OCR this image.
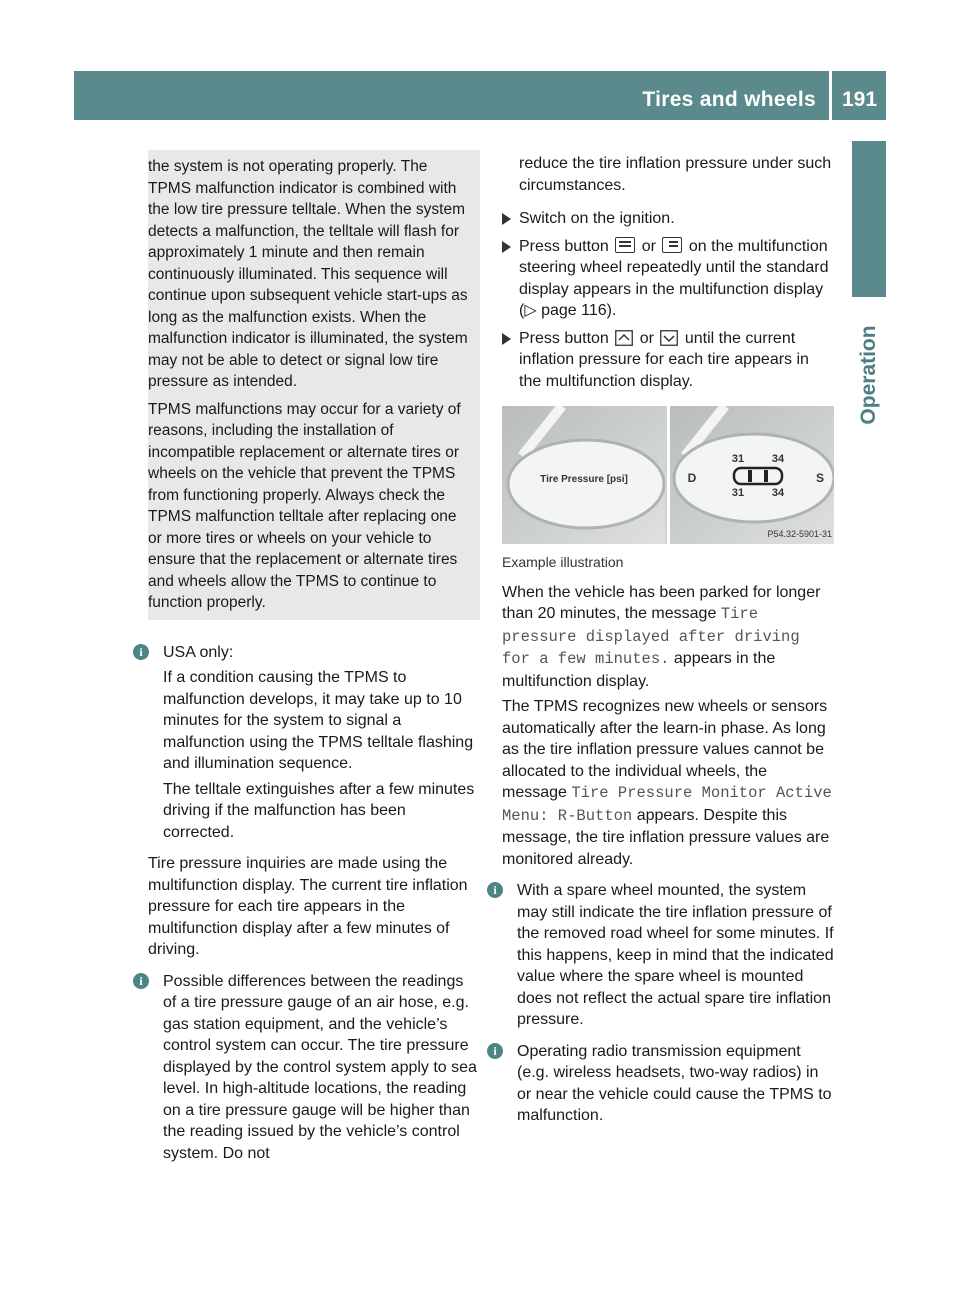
Tires and wheels 191
Operation

the system is not operating properly. The TPMS malfunction indicator is combined with the low tire pressure telltale. When the system detects a malfunction, the telltale will flash for approximately 1 minute and then remain continuously illuminated. This sequence will continue upon subsequent vehicle start-ups as long as the malfunction exists. When the malfunction indicator is illuminated, the system may not be able to detect or signal low tire pressure as intended.

TPMS malfunctions may occur for a variety of reasons, including the installation of incompatible replacement or alternate tires or wheels on the vehicle that prevent the TPMS from functioning properly. Always check the TPMS malfunction telltale after replacing one or more tires or wheels on your vehicle to ensure that the replacement or alternate tires and wheels allow the TPMS to continue to function properly.

i	USA only:

If a condition causing the TPMS to malfunction develops, it may take up to 10 minutes for the system to signal a malfunction using the TPMS telltale flashing and illumination sequence.

The telltale extinguishes after a few minutes driving if the malfunction has been corrected.

Tire pressure inquiries are made using the multifunction display. The current tire inflation pressure for each tire appears in the multifunction display after a few minutes of driving.

i	Possible differences between the readings of a tire pressure gauge of an air hose, e.g. gas station equipment, and the vehicle’s control system can occur. The tire pressure displayed by the control system apply to sea level. In high-altitude locations, the reading on a tire pressure gauge will be higher than the reading issued by the vehicle’s control system. Do not

reduce the tire inflation pressure under such circumstances.

Switch on the ignition.
Press button or on the multifunction steering wheel repeatedly until the standard display appears in the multifunction display (▷ page 116).
Press button or until the current inflation pressure for each tire appears in the multifunction display.
Tire Pressure [psi]
31	34
31	34
D	S
P54.32-5901-31

Example illustration

When the vehicle has been parked for longer than 20 minutes, the message Tire pressure displayed after driving for a few minutes. appears in the multifunction display.

The TPMS recognizes new wheels or sensors automatically after the learn-in phase. As long as the tire inflation pressure values cannot be allocated to the individual wheels, the message Tire Pressure Monitor Active Menu: R-Button appears. Despite this message, the tire inflation pressure values are monitored already.

i	With a spare wheel mounted, the system may still indicate the tire inflation pressure of the removed road wheel for some minutes. If this happens, keep in mind that the indicated value where the spare wheel is mounted does not reflect the actual spare tire inflation pressure.

i	Operating radio transmission equipment (e.g. wireless headsets, two-way radios) in or near the vehicle could cause the TPMS to malfunction.
